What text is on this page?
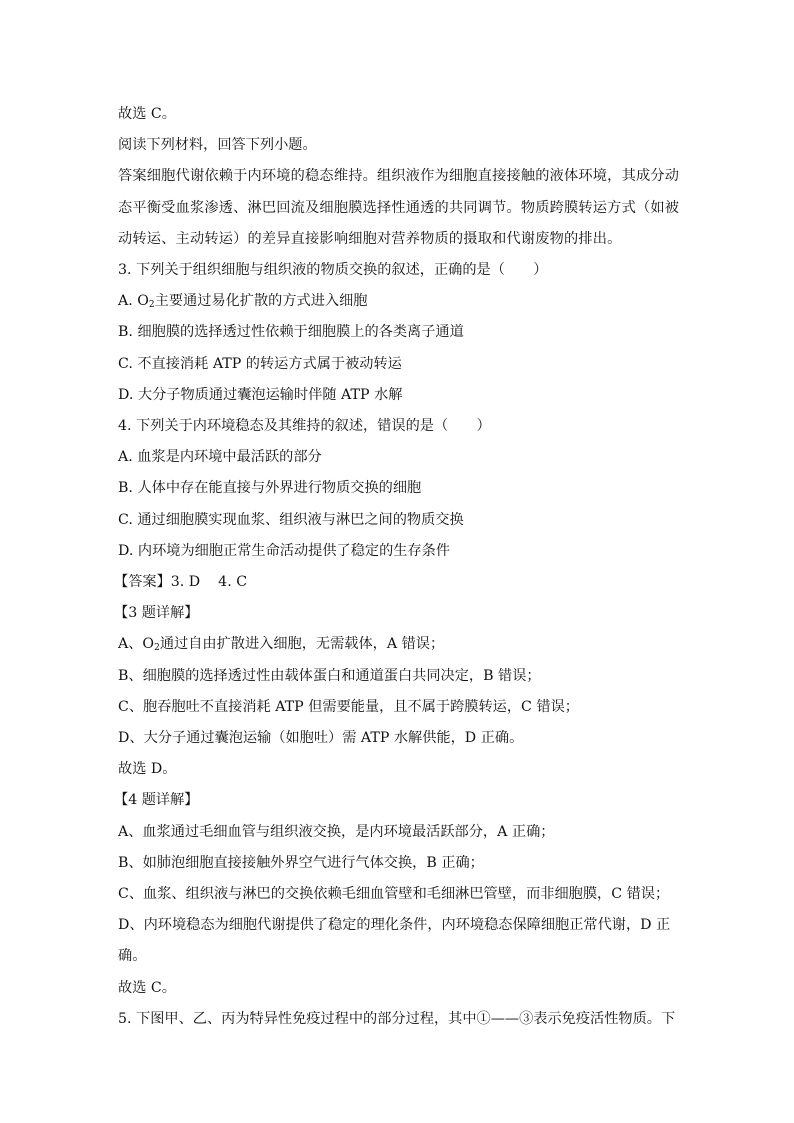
故选 C。
阅读下列材料，回答下列小题。
答案细胞代谢依赖于内环境的稳态维持。组织液作为细胞直接接触的液体环境，其成分动
态平衡受血浆渗透、淋巴回流及细胞膜选择性通透的共同调节。物质跨膜转运方式（如被
动转运、主动转运）的差异直接影响细胞对营养物质的摄取和代谢废物的排出。
3. 下列关于组织细胞与组织液的物质交换的叙述，正确的是（　　）
A. $O_2$主要通过易化扩散的方式进入细胞
B. 细胞膜的选择透过性依赖于细胞膜上的各类离子通道
C. 不直接消耗 ATP 的转运方式属于被动转运
D. 大分子物质通过囊泡运输时伴随 ATP 水解
4. 下列关于内环境稳态及其维持的叙述，错误的是（　　）
A. 血浆是内环境中最活跃的部分
B. 人体中存在能直接与外界进行物质交换的细胞
C. 通过细胞膜实现血浆、组织液与淋巴之间的物质交换
D. 内环境为细胞正常生命活动提供了稳定的生存条件
【答案】3. D 4. C
【3 题详解】
A、$O_2$通过自由扩散进入细胞，无需载体，A 错误；
B、细胞膜的选择透过性由载体蛋白和通道蛋白共同决定，B 错误；
C、胞吞胞吐不直接消耗 ATP 但需要能量，且不属于跨膜转运，C 错误；
D、大分子通过囊泡运输（如胞吐）需 ATP 水解供能，D 正确。
故选 D。
【4 题详解】
A、血浆通过毛细血管与组织液交换，是内环境最活跃部分，A 正确；
B、如肺泡细胞直接接触外界空气进行气体交换，B 正确；
C、血浆、组织液与淋巴的交换依赖毛细血管壁和毛细淋巴管壁，而非细胞膜，C 错误；
D、内环境稳态为细胞代谢提供了稳定的理化条件，内环境稳态保障细胞正常代谢，D 正
确。
故选 C。
5. 下图甲、乙、丙为特异性免疫过程中的部分过程，其中①——③表示免疫活性物质。下
